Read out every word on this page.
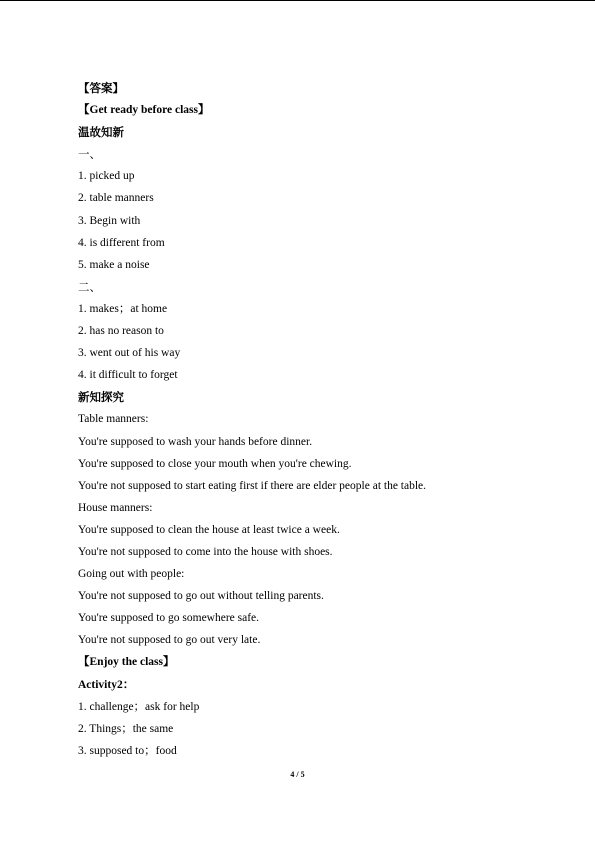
【答案】
【Get ready before class】
温故知新
一、
1. picked up
2. table manners
3. Begin with
4. is different from
5. make a noise
二、
1. makes；at home
2. has no reason to
3. went out of his way
4. it difficult to forget
新知探究
Table manners:
You're supposed to wash your hands before dinner.
You're supposed to close your mouth when you're chewing.
You're not supposed to start eating first if there are elder people at the table.
House manners:
You're supposed to clean the house at least twice a week.
You're not supposed to come into the house with shoes.
Going out with people:
You're not supposed to go out without telling parents.
You're supposed to go somewhere safe.
You're not supposed to go out very late.
【Enjoy the class】
Activity2：
1. challenge；ask for help
2. Things；the same
3. supposed to；food
4 / 5
